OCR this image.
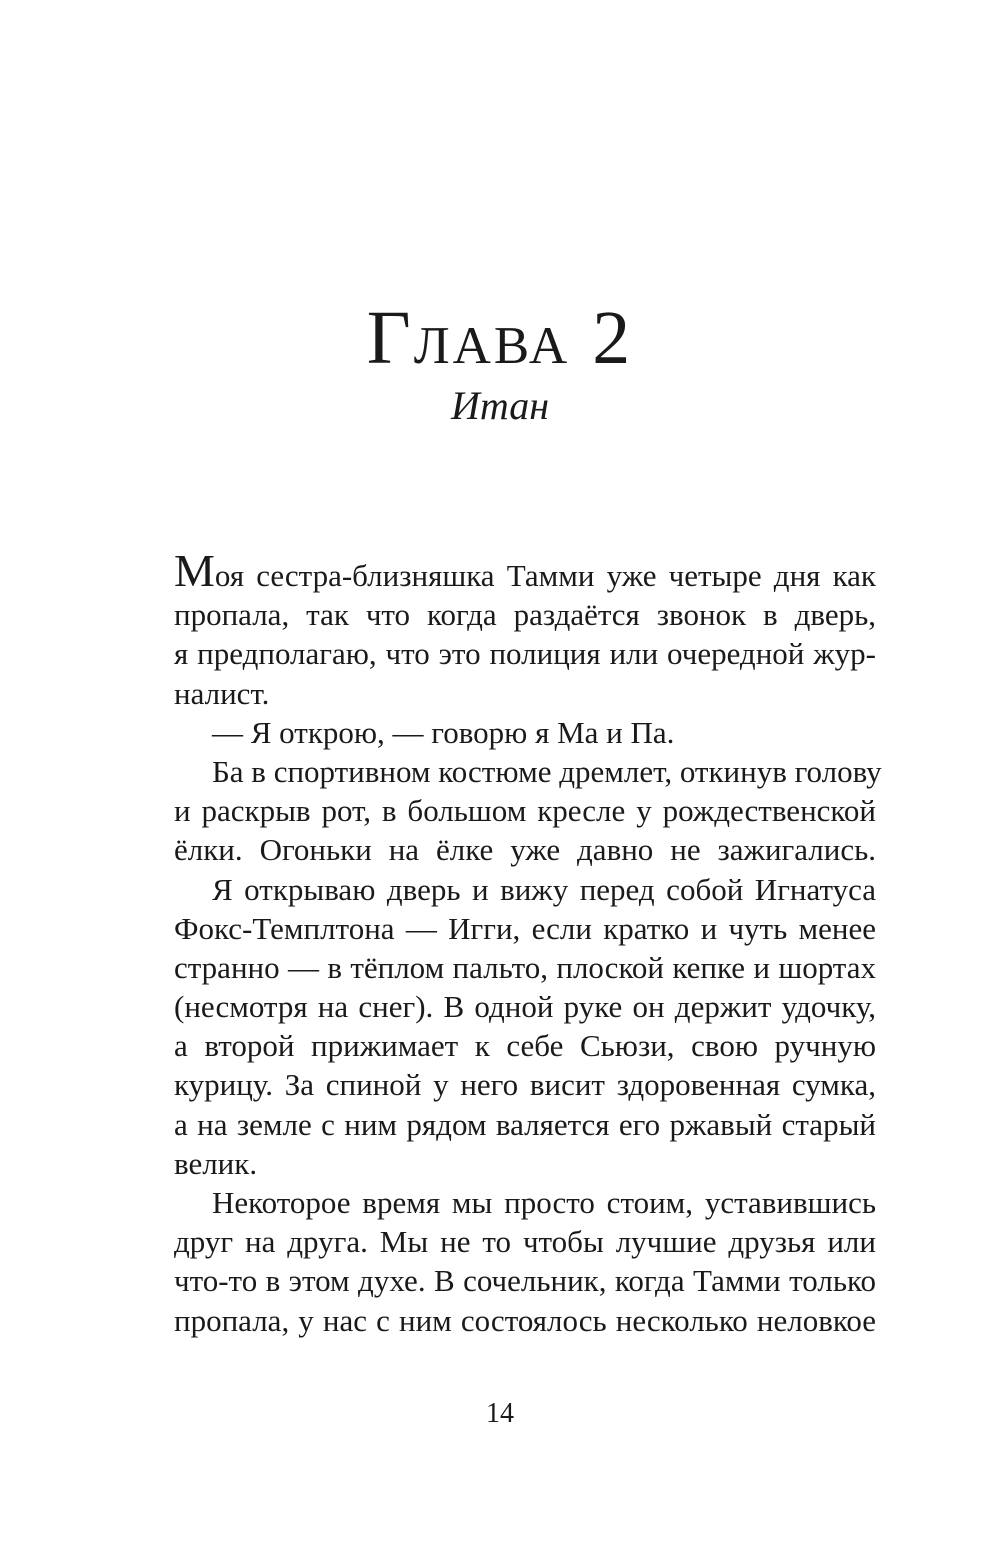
Глава 2
Итан
Моя сестра-близняшка Тамми уже четыре дня как
пропала, так что когда раздаётся звонок в дверь,
я предполагаю, что это полиция или очередной жур-
налист.
— Я открою, — говорю я Ма и Па.
Ба в спортивном костюме дремлет, откинув голову
и раскрыв рот, в большом кресле у рождественской
ёлки. Огоньки на ёлке уже давно не зажигались.
Я открываю дверь и вижу перед собой Игнатуса
Фокс-Темплтона — Игги, если кратко и чуть менее
странно — в тёплом пальто, плоской кепке и шортах
(несмотря на снег). В одной руке он держит удочку,
а второй прижимает к себе Сьюзи, свою ручную
курицу. За спиной у него висит здоровенная сумка,
а на земле с ним рядом валяется его ржавый старый
велик.
Некоторое время мы просто стоим, уставившись
друг на друга. Мы не то чтобы лучшие друзья или
что-то в этом духе. В сочельник, когда Тамми только
пропала, у нас с ним состоялось несколько неловкое
14
